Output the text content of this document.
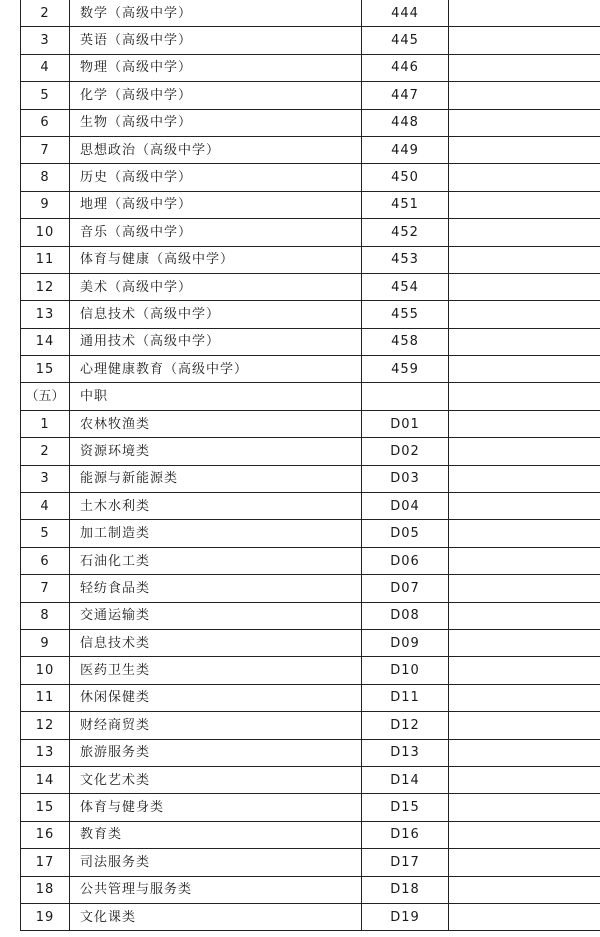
2	数学（高级中学）	444	
3	英语（高级中学）	445	
4	物理（高级中学）	446	
5	化学（高级中学）	447	
6	生物（高级中学）	448	
7	思想政治（高级中学）	449	
8	历史（高级中学）	450	
9	地理（高级中学）	451	
10	音乐（高级中学）	452	
11	体育与健康（高级中学）	453	
12	美术（高级中学）	454	
13	信息技术（高级中学）	455	
14	通用技术（高级中学）	458	
15	心理健康教育（高级中学）	459	
（五）	中职		
1	农林牧渔类	D01	
2	资源环境类	D02	
3	能源与新能源类	D03	
4	土木水利类	D04	
5	加工制造类	D05	
6	石油化工类	D06	
7	轻纺食品类	D07	
8	交通运输类	D08	
9	信息技术类	D09	
10	医药卫生类	D10	
11	休闲保健类	D11	
12	财经商贸类	D12	
13	旅游服务类	D13	
14	文化艺术类	D14	
15	体育与健身类	D15	
16	教育类	D16	
17	司法服务类	D17	
18	公共管理与服务类	D18	
19	文化课类	D19	
